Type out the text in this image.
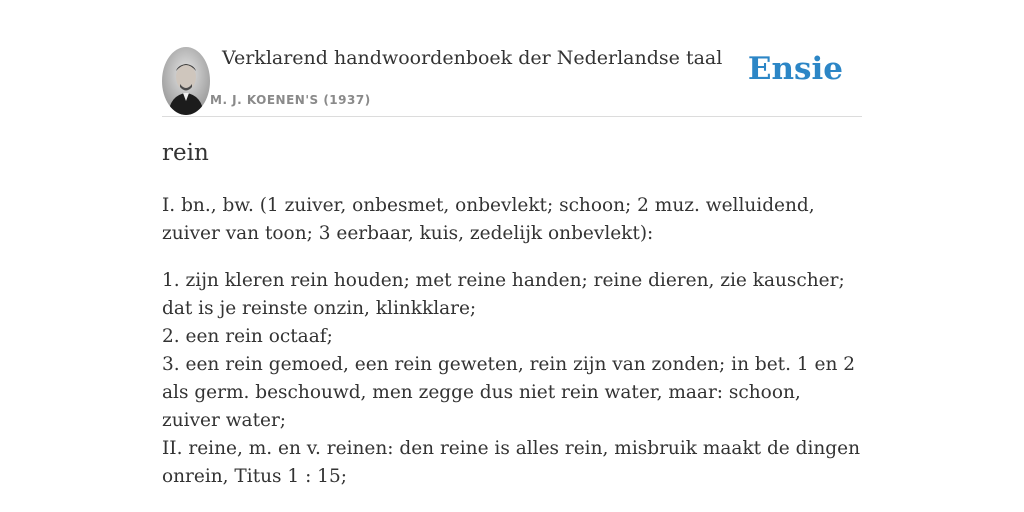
Verklarend handwoordenboek der Nederlandse taal
M. J. KOENEN'S (1937)
Ensie
rein

I. bn., bw. (1 zuiver, onbesmet, onbevlekt; schoon; 2 muz. welluidend, zuiver van toon; 3 eerbaar, kuis, zedelijk onbevlekt):

1. zijn kleren rein houden; met reine handen; reine dieren, zie kauscher; dat is je reinste onzin, klinkklare;
2. een rein octaaf;
3. een rein gemoed, een rein geweten, rein zijn van zonden; in bet. 1 en 2 als germ. beschouwd, men zegge dus niet rein water, maar: schoon, zuiver water;

II. reine, m. en v. reinen: den reine is alles rein, misbruik maakt de dingen onrein, Titus 1 : 15;
